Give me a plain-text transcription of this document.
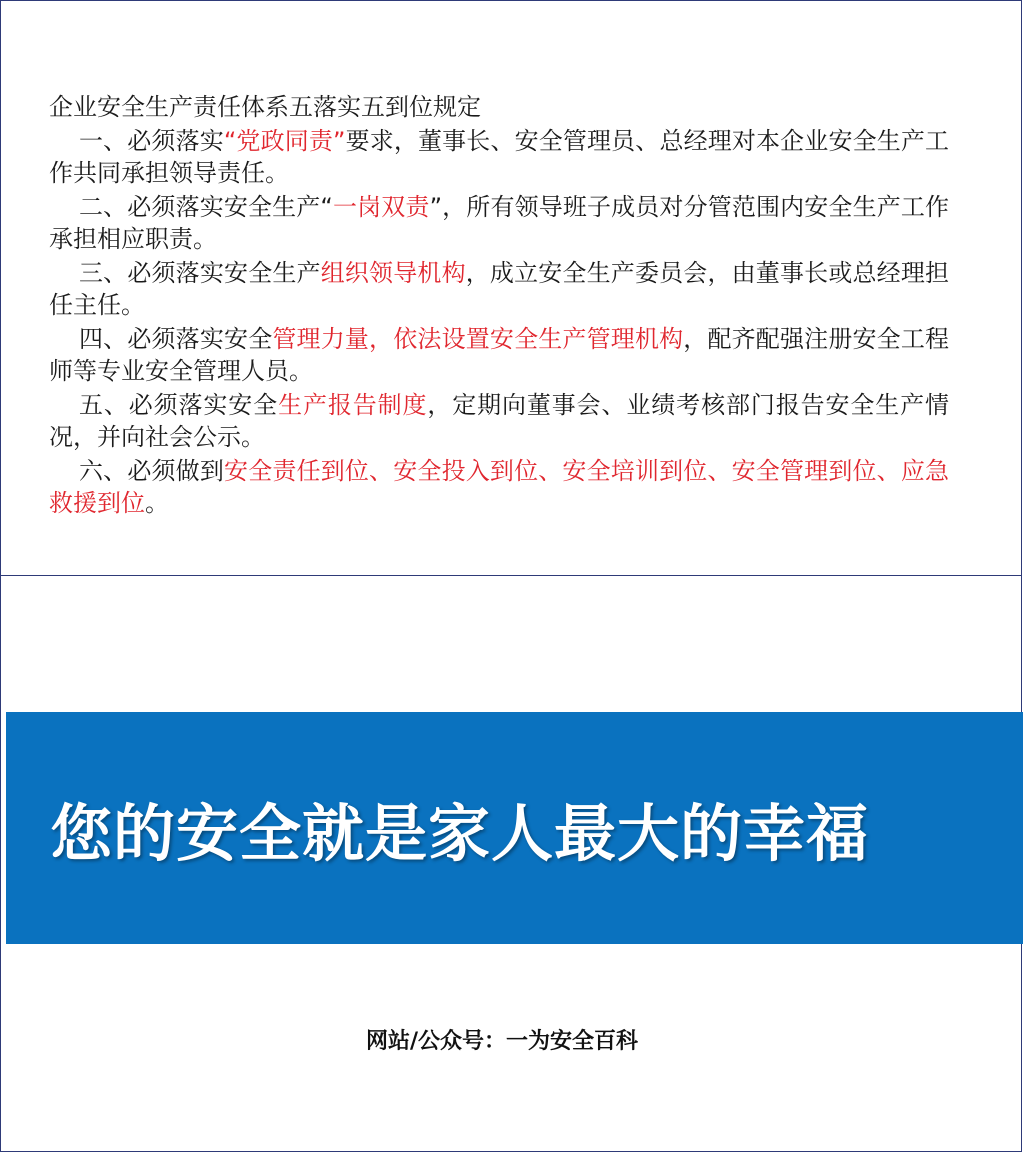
企业安全生产责任体系五落实五到位规定

一、必须落实“党政同责”要求，董事长、安全管理员、总经理对本企业安全生产工作共同承担领导责任。

二、必须落实安全生产“一岗双责”，所有领导班子成员对分管范围内安全生产工作承担相应职责。

三、必须落实安全生产组织领导机构，成立安全生产委员会，由董事长或总经理担任主任。

四、必须落实安全管理力量，依法设置安全生产管理机构，配齐配强注册安全工程师等专业安全管理人员。

五、必须落实安全生产报告制度，定期向董事会、业绩考核部门报告安全生产情况，并向社会公示。

六、必须做到安全责任到位、安全投入到位、安全培训到位、安全管理到位、应急救援到位。

您的安全就是家人最大的幸福
网站/公众号：一为安全百科
